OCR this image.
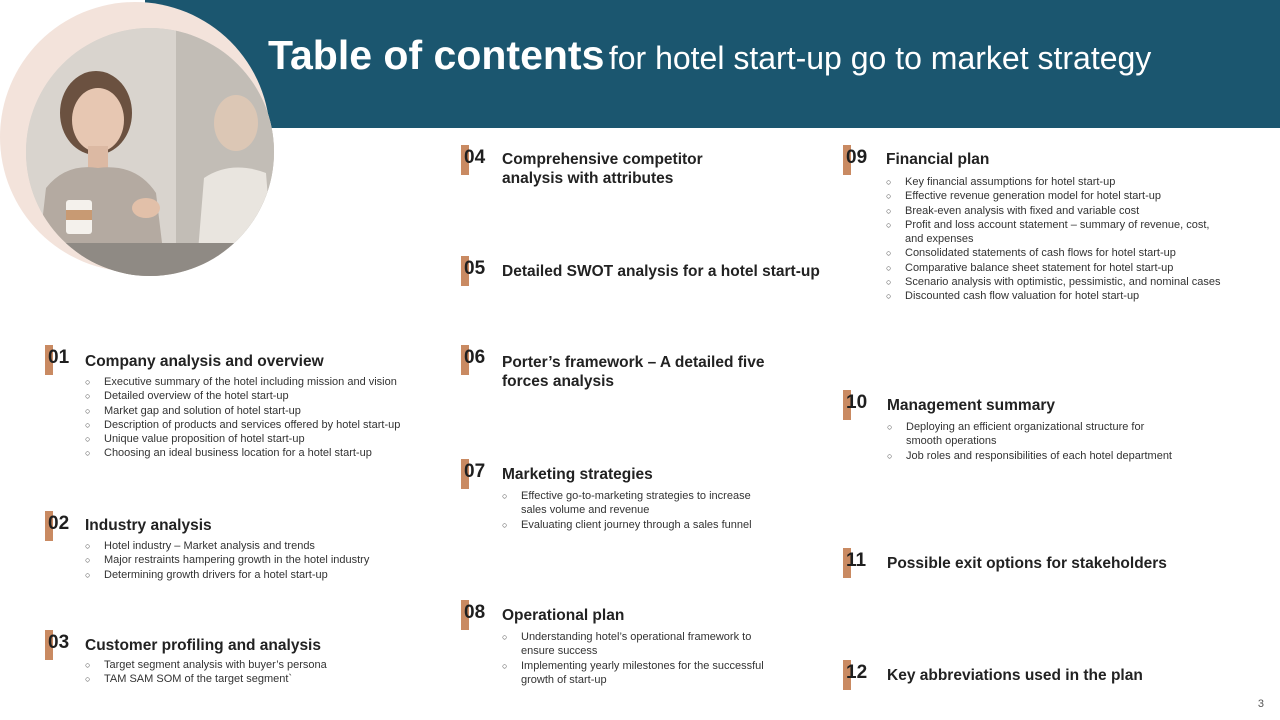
Table of contents for hotel start-up go to market strategy
01 Company analysis and overview
○ Executive summary of the hotel including mission and vision
○ Detailed overview of the hotel start-up
○ Market gap and solution of hotel start-up
○ Description of products and services offered by hotel start-up
○ Unique value proposition of hotel start-up
○ Choosing an ideal business location for a hotel start-up
02 Industry analysis
○ Hotel industry – Market analysis and trends
○ Major restraints hampering growth in the hotel industry
○ Determining growth drivers for a hotel start-up
03 Customer profiling and analysis
○ Target segment analysis with buyer’s persona
○ TAM SAM SOM of the target segment`
04 Comprehensive competitor
analysis with attributes
05 Detailed SWOT analysis for a hotel start-up
06 Porter’s framework – A detailed five
forces analysis
07 Marketing strategies
○ Effective go-to-marketing strategies to increase
sales volume and revenue
○ Evaluating client journey through a sales funnel
08 Operational plan
○ Understanding hotel’s operational framework to
ensure success
○ Implementing yearly milestones for the successful
growth of start-up
09 Financial plan
○ Key financial assumptions for hotel start-up
○ Effective revenue generation model for hotel start-up
○ Break-even analysis with fixed and variable cost
○ Profit and loss account statement – summary of revenue, cost,
and expenses
○ Consolidated statements of cash flows for hotel start-up
○ Comparative balance sheet statement for hotel start-up
○ Scenario analysis with optimistic, pessimistic, and nominal cases
○ Discounted cash flow valuation for hotel start-up
10 Management summary
○ Deploying an efficient organizational structure for
smooth operations
○ Job roles and responsibilities of each hotel department
11 Possible exit options for stakeholders
12 Key abbreviations used in the plan
3
